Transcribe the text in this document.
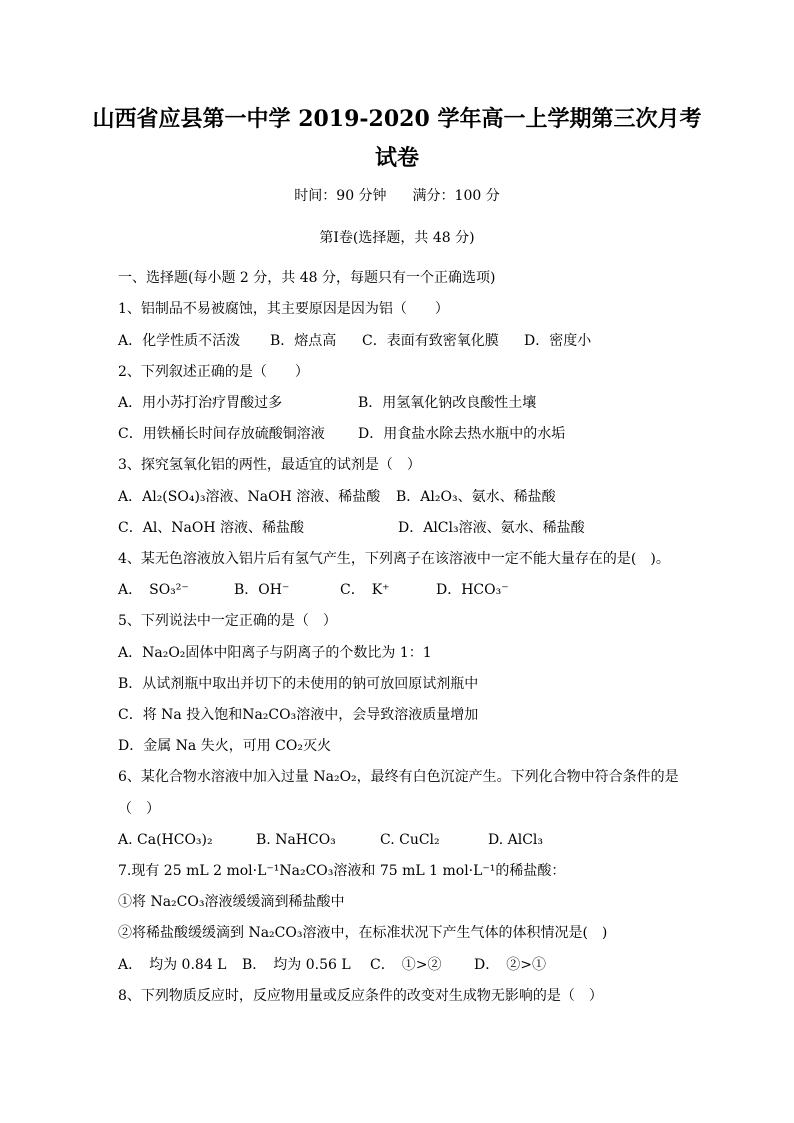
山西省应县第一中学 2019-2020 学年高一上学期第三次月考
试卷
时间：90 分钟 满分：100 分
第Ⅰ卷(选择题，共 48 分)
一、选择题(每小题 2 分，共 48 分，每题只有一个正确选项)
1、铝制品不易被腐蚀，其主要原因是因为铝（　　）
A．化学性质不活泼 B．熔点高 C．表面有致密氧化膜 D．密度小
2、下列叙述正确的是（　　）
A．用小苏打治疗胃酸过多	B．用氢氧化钠改良酸性土壤
C．用铁桶长时间存放硫酸铜溶液 D．用食盐水除去热水瓶中的水垢
3、探究氢氧化铝的两性，最适宜的试剂是（　）
A．Al₂(SO₄)₃溶液、NaOH 溶液、稀盐酸 B．Al₂O₃、氨水、稀盐酸
C．Al、NaOH 溶液、稀盐酸	D．AlCl₃溶液、氨水、稀盐酸
4、某无色溶液放入铝片后有氢气产生，下列离子在该溶液中一定不能大量存在的是(　)。
A．　SO₃²⁻	B．OH⁻	C．　K⁺	D．HCO₃⁻
5、下列说法中一定正确的是（　）
A．Na₂O₂固体中阳离子与阴离子的个数比为 1：1
B．从试剂瓶中取出并切下的未使用的钠可放回原试剂瓶中
C．将 Na 投入饱和Na₂CO₃溶液中，会导致溶液质量增加
D．金属 Na 失火，可用 CO₂灭火
6、某化合物水溶液中加入过量 Na₂O₂，最终有白色沉淀产生。下列化合物中符合条件的是
（　）
A. Ca(HCO₃)₂	B. NaHCO₃	C. CuCl₂	D. AlCl₃
7.现有 25 mL 2 mol·L⁻¹Na₂CO₃溶液和 75 mL 1 mol·L⁻¹的稀盐酸：
①将 Na₂CO₃溶液缓缓滴到稀盐酸中
②将稀盐酸缓缓滴到 Na₂CO₃溶液中，在标准状况下产生气体的体积情况是(　)
A．　均为 0.84 L B．　均为 0.56 L C．　①>② D．　②>①
8、下列物质反应时，反应物用量或反应条件的改变对生成物无影响的是（　）
